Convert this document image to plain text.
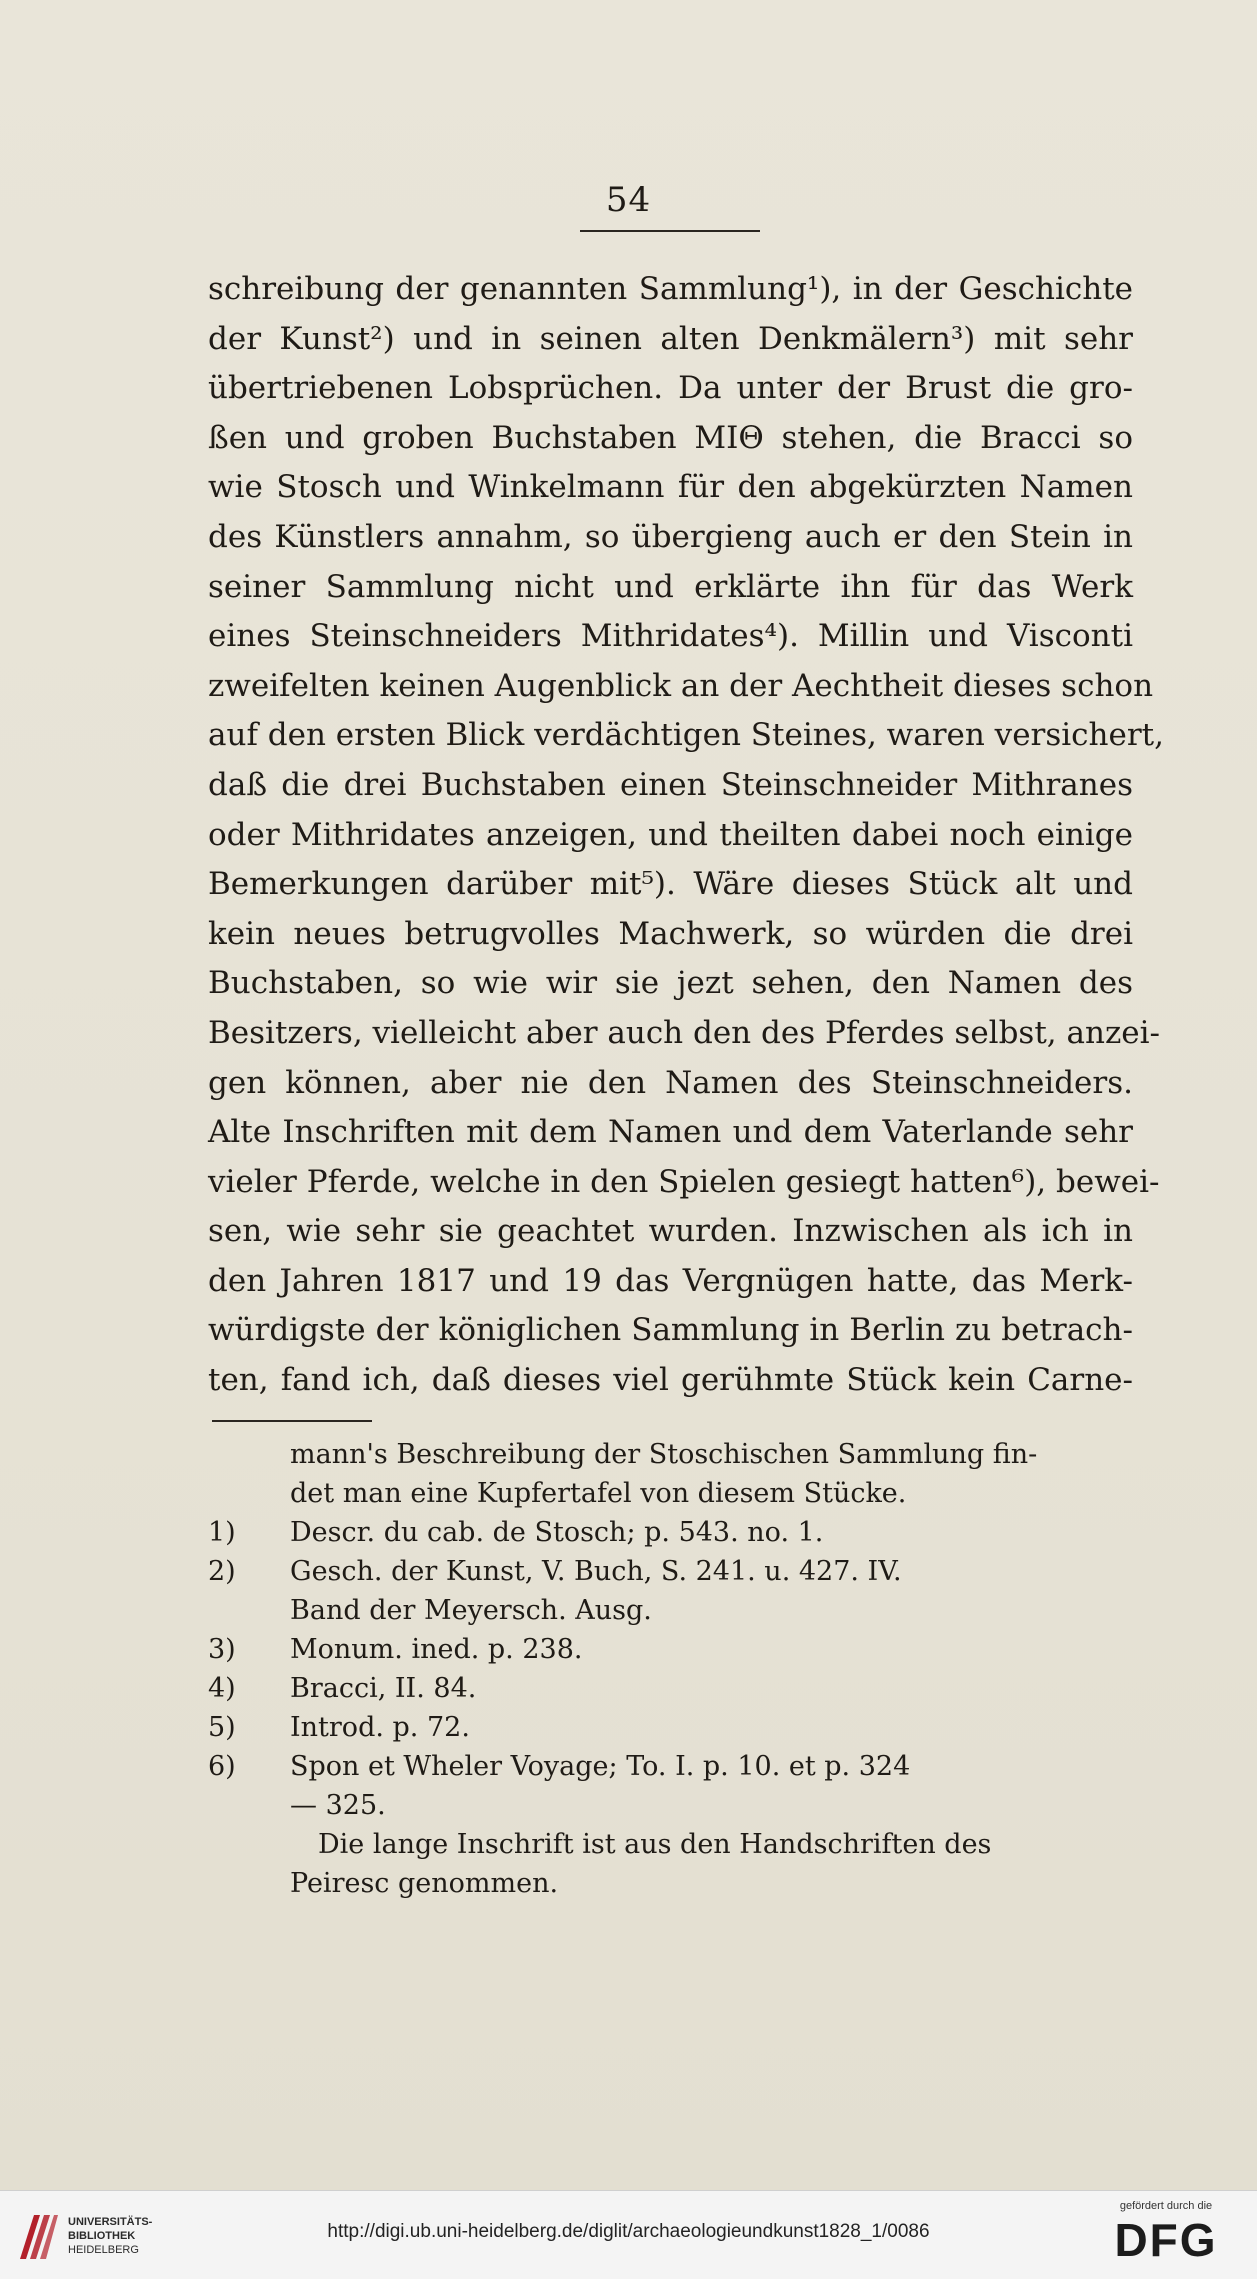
54
schreibung der genannten Sammlung¹), in der Geschichte
der Kunst²) und in seinen alten Denkmälern³) mit sehr
übertriebenen Lobsprüchen. Da unter der Brust die gro-
ßen und groben Buchstaben ΜΙΘ stehen, die Bracci so
wie Stosch und Winkelmann für den abgekürzten Namen
des Künstlers annahm, so übergieng auch er den Stein in
seiner Sammlung nicht und erklärte ihn für das Werk
eines Steinschneiders Mithridates⁴). Millin und Visconti
zweifelten keinen Augenblick an der Aechtheit dieses schon
auf den ersten Blick verdächtigen Steines, waren versichert,
daß die drei Buchstaben einen Steinschneider Mithranes
oder Mithridates anzeigen, und theilten dabei noch einige
Bemerkungen darüber mit⁵). Wäre dieses Stück alt und
kein neues betrugvolles Machwerk, so würden die drei
Buchstaben, so wie wir sie jezt sehen, den Namen des
Besitzers, vielleicht aber auch den des Pferdes selbst, anzei-
gen können, aber nie den Namen des Steinschneiders.
Alte Inschriften mit dem Namen und dem Vaterlande sehr
vieler Pferde, welche in den Spielen gesiegt hatten⁶), bewei-
sen, wie sehr sie geachtet wurden. Inzwischen als ich in
den Jahren 1817 und 19 das Vergnügen hatte, das Merk-
würdigste der königlichen Sammlung in Berlin zu betrach-
ten, fand ich, daß dieses viel gerühmte Stück kein Carne-
mann's Beschreibung der Stoschischen Sammlung fin-
det man eine Kupfertafel von diesem Stücke.
1)	Descr. du cab. de Stosch; p. 543. no. 1.
2)	Gesch. der Kunst, V. Buch, S. 241. u. 427. IV.
Band der Meyersch. Ausg.
3)	Monum. ined. p. 238.
4)	Bracci, II. 84.
5)	Introd. p. 72.
6)	Spon et Wheler Voyage; To. I. p. 10. et p. 324
— 325.
Die lange Inschrift ist aus den Handschriften des
Peiresc genommen.
UNIVERSITÄTS-
BIBLIOTHEK
HEIDELBERG
http://digi.ub.uni-heidelberg.de/diglit/archaeologieundkunst1828_1/0086
gefördert durch die
DFG
